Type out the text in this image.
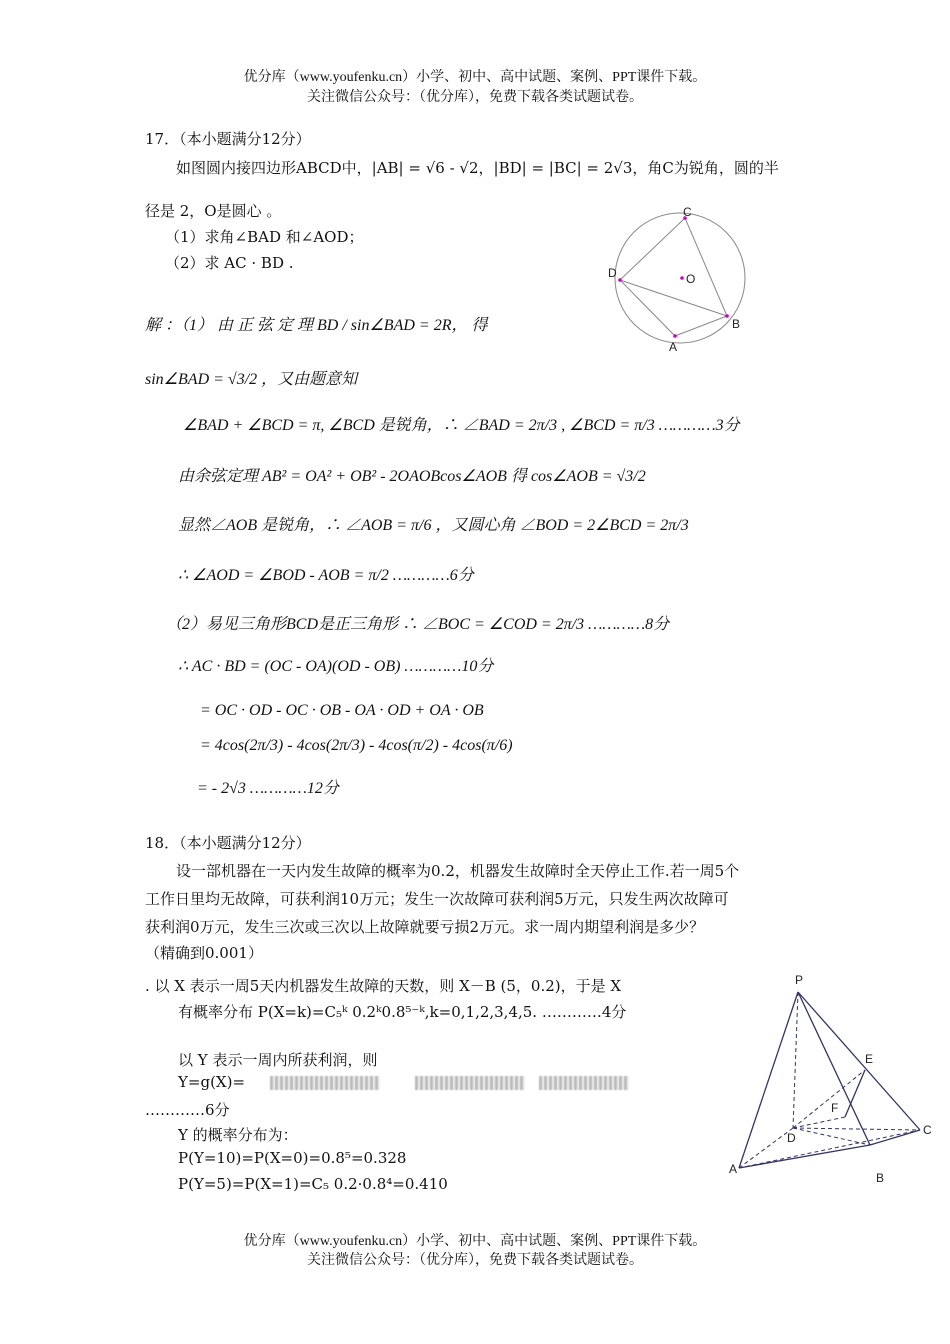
优分库（www.youfenku.cn）小学、初中、高中试题、案例、PPT课件下载。
关注微信公众号：（优分库），免费下载各类试题试卷。
17．（本小题满分12分）
如图圆内接四边形ABCD中，|AB| = √6 - √2，|BD| = |BC| = 2√3，角C为锐角，圆的半
径是 2，O是圆心 。
（1）求角∠BAD 和∠AOD；
（2）求 AC · BD .
C
D	O
B
A
解 ：（1） 由 正 弦 定 理 BD / sin∠BAD = 2R， 得
sin∠BAD = √3/2 ，又由题意知
∠BAD + ∠BCD = π, ∠BCD 是锐角，∴ ∠BAD = 2π/3 , ∠BCD = π/3 …………3分
由余弦定理 AB² = OA² + OB² - 2OAOBcos∠AOB 得 cos∠AOB = √3/2
显然∠AOB 是锐角，∴ ∠AOB = π/6 ，又圆心角 ∠BOD = 2∠BCD = 2π/3
∴ ∠AOD = ∠BOD - AOB = π/2 …………6分
（2）易见三角形BCD是正三角形 ∴ ∠BOC = ∠COD = 2π/3 …………8分
∴ AC · BD = (OC - OA)(OD - OB) …………10分
= OC · OD - OC · OB - OA · OD + OA · OB
= 4cos(2π/3) - 4cos(2π/3) - 4cos(π/2) - 4cos(π/6)
= - 2√3 …………12分
18．（本小题满分12分）
设一部机器在一天内发生故障的概率为0.2，机器发生故障时全天停止工作.若一周5个
工作日里均无故障，可获利润10万元；发生一次故障可获利润5万元，只发生两次故障可
获利润0万元，发生三次或三次以上故障就要亏损2万元。求一周内期望利润是多少？
（精确到0.001）
. 以 X 表示一周5天内机器发生故障的天数，则 X－B (5，0.2)，于是 X
有概率分布 P(X=k)=C₅ᵏ 0.2ᵏ0.8⁵⁻ᵏ,k=0,1,2,3,4,5. …………4分
以 Y 表示一周内所获利润，则
Y=g(X)=
…………6分
Y 的概率分布为：
P(Y=10)=P(X=0)=0.8⁵=0.328
P(Y=5)=P(X=1)=C₅ 0.2·0.8⁴=0.410
P
E
F
D
C
A
B
优分库（www.youfenku.cn）小学、初中、高中试题、案例、PPT课件下载。
关注微信公众号：（优分库），免费下载各类试题试卷。
